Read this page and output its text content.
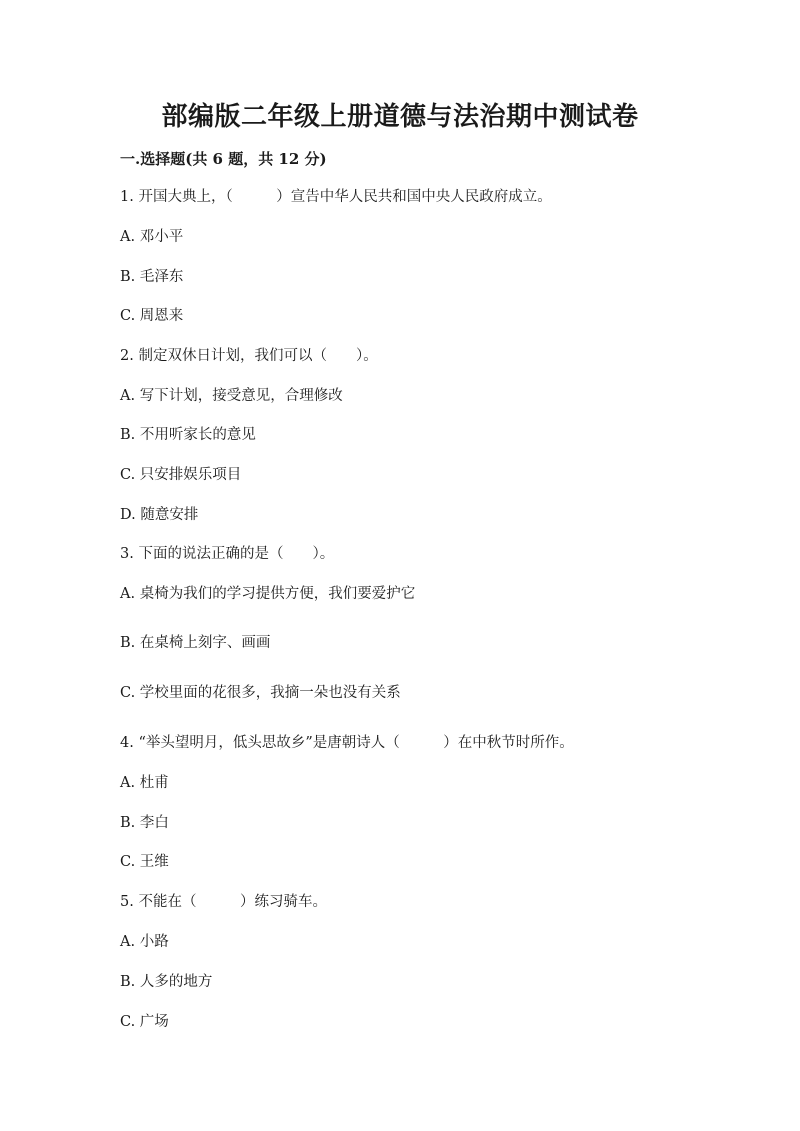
部编版二年级上册道德与法治期中测试卷
一.选择题(共 6 题，共 12 分)
1. 开国大典上，（　　　）宣告中华人民共和国中央人民政府成立。
A. 邓小平
B. 毛泽东
C. 周恩来
2. 制定双休日计划，我们可以（　　）。
A. 写下计划，接受意见，合理修改
B. 不用听家长的意见
C. 只安排娱乐项目
D. 随意安排
3. 下面的说法正确的是（　　）。
A. 桌椅为我们的学习提供方便，我们要爱护它
B. 在桌椅上刻字、画画
C. 学校里面的花很多，我摘一朵也没有关系
4. “举头望明月，低头思故乡”是唐朝诗人（　　　）在中秋节时所作。
A. 杜甫
B. 李白
C. 王维
5. 不能在（　　　）练习骑车。
A. 小路
B. 人多的地方
C. 广场
